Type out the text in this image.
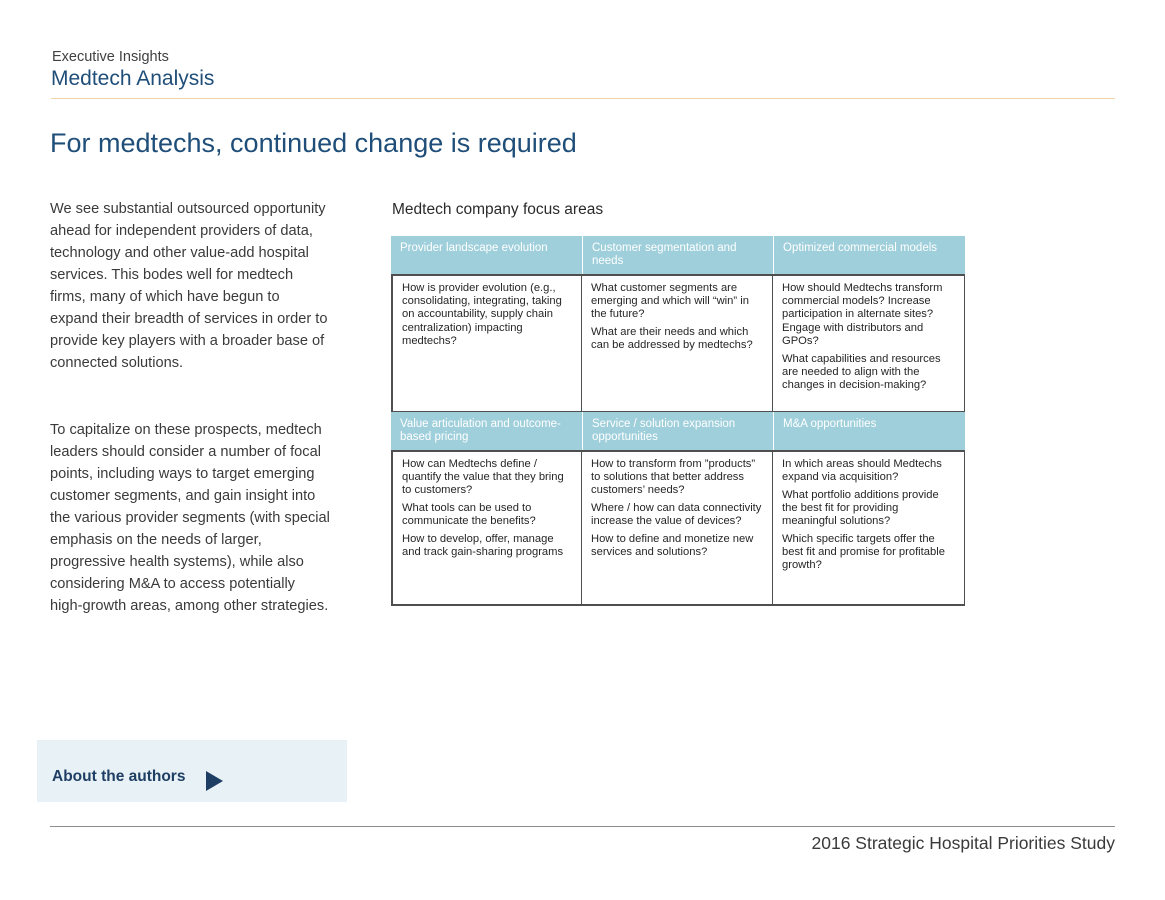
Executive Insights
Medtech Analysis
For medtechs, continued change is required
We see substantial outsourced opportunity ahead for independent providers of data, technology and other value-add hospital services. This bodes well for medtech firms, many of which have begun to expand their breadth of services in order to provide key players with a broader base of connected solutions.
To capitalize on these prospects, medtech leaders should consider a number of focal points, including ways to target emerging customer segments, and gain insight into the various provider segments (with special emphasis on the needs of larger, progressive health systems), while also considering M&A to access potentially high-growth areas, among other strategies.
Medtech company focus areas
Provider landscape evolution	Customer segmentation and needs
Optimized commercial models

How is provider evolution (e.g., consolidating, integrating, taking on accountability, supply chain centralization) impacting medtechs?

What customer segments are emerging and which will “win” in the future?

What are their needs and which can be addressed by medtechs?

How should Medtechs transform commercial models? Increase participation in alternate sites? Engage with distributors and GPOs?

What capabilities and resources are needed to align with the changes in decision-making?

Value articulation and outcome-based pricing
Service / solution expansion opportunities
M&A opportunities

How can Medtechs define / quantify the value that they bring to customers?

What tools can be used to communicate the benefits?

How to develop, offer, manage and track gain-sharing programs

How to transform from ”products” to solutions that better address customers’ needs?

Where / how can data connectivity increase the value of devices?

How to define and monetize new services and solutions?

In which areas should Medtechs expand via acquisition?

What portfolio additions provide the best fit for providing meaningful solutions?

Which specific targets offer the best fit and promise for profitable growth?

About the authors
2016 Strategic Hospital Priorities Study
